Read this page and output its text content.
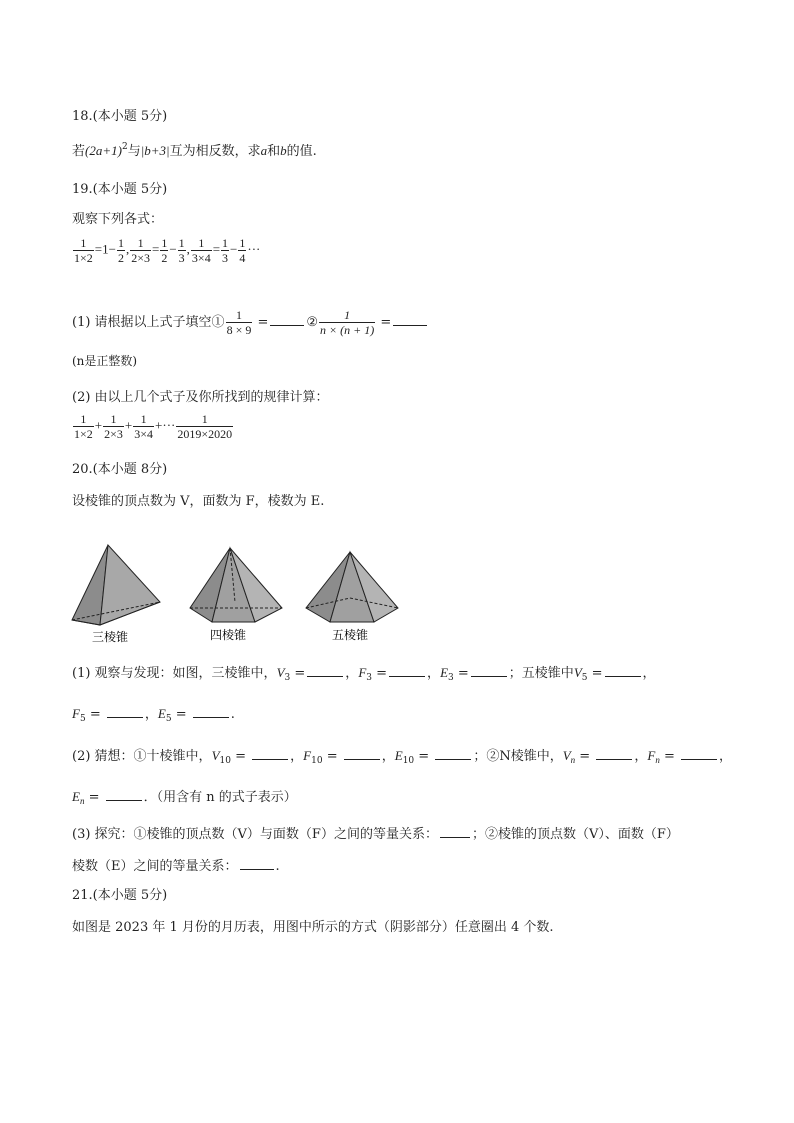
18.(本小题 5分)
若$(2a+1)^2$与|b+3|互为相反数，求a和b的值.
19.(本小题 5分)
观察下列各式：
$\frac{1}{1\times 2} =1- \frac{1}{2}$ , $\frac{1}{2\times 3} = \frac{1}{2} - \frac{1}{3}$ , $\frac{1}{3\times 4} = \frac{1}{3} - \frac{1}{4}$ ···
(1) 请根据以上式子填空① $\frac{1}{8 \times 9}$ =	② $\frac{1}{n \times (n + 1)}$ =
(n是正整数)
(2) 由以上几个式子及你所找到的规律计算：
$\frac{1}{1\times 2} + \frac{1}{2\times 3} + \frac{1}{3\times 4}$ +··· $\frac{1}{2019\times 2020}$
20.(本小题 8分)
设棱锥的顶点数为 V，面数为 F，棱数为 E.
三棱锥	四棱锥	五棱锥
(1) 观察与发现：如图，三棱锥中，$V_3$ =	，$F_3$ =	，$E_3$ =	；五棱锥中$V_5$ =	，
$F_5$ =	，$E_5$ =	.
(2) 猜想：①十棱锥中，$V_{10}$ =	，$F_{10}$ =	，$E_{10}$ =	；②N棱锥中，$V_n$ =	，$F_n$ =	，
$E_n$ =	．（用含有 n 的式子表示）
(3) 探究：①棱锥的顶点数（V）与面数（F）之间的等量关系：	；②棱锥的顶点数（V）、面数（F）
棱数（E）之间的等量关系：	.
21.(本小题 5分)
如图是 2023 年 1 月份的月历表，用图中所示的方式（阴影部分）任意圈出 4 个数.
